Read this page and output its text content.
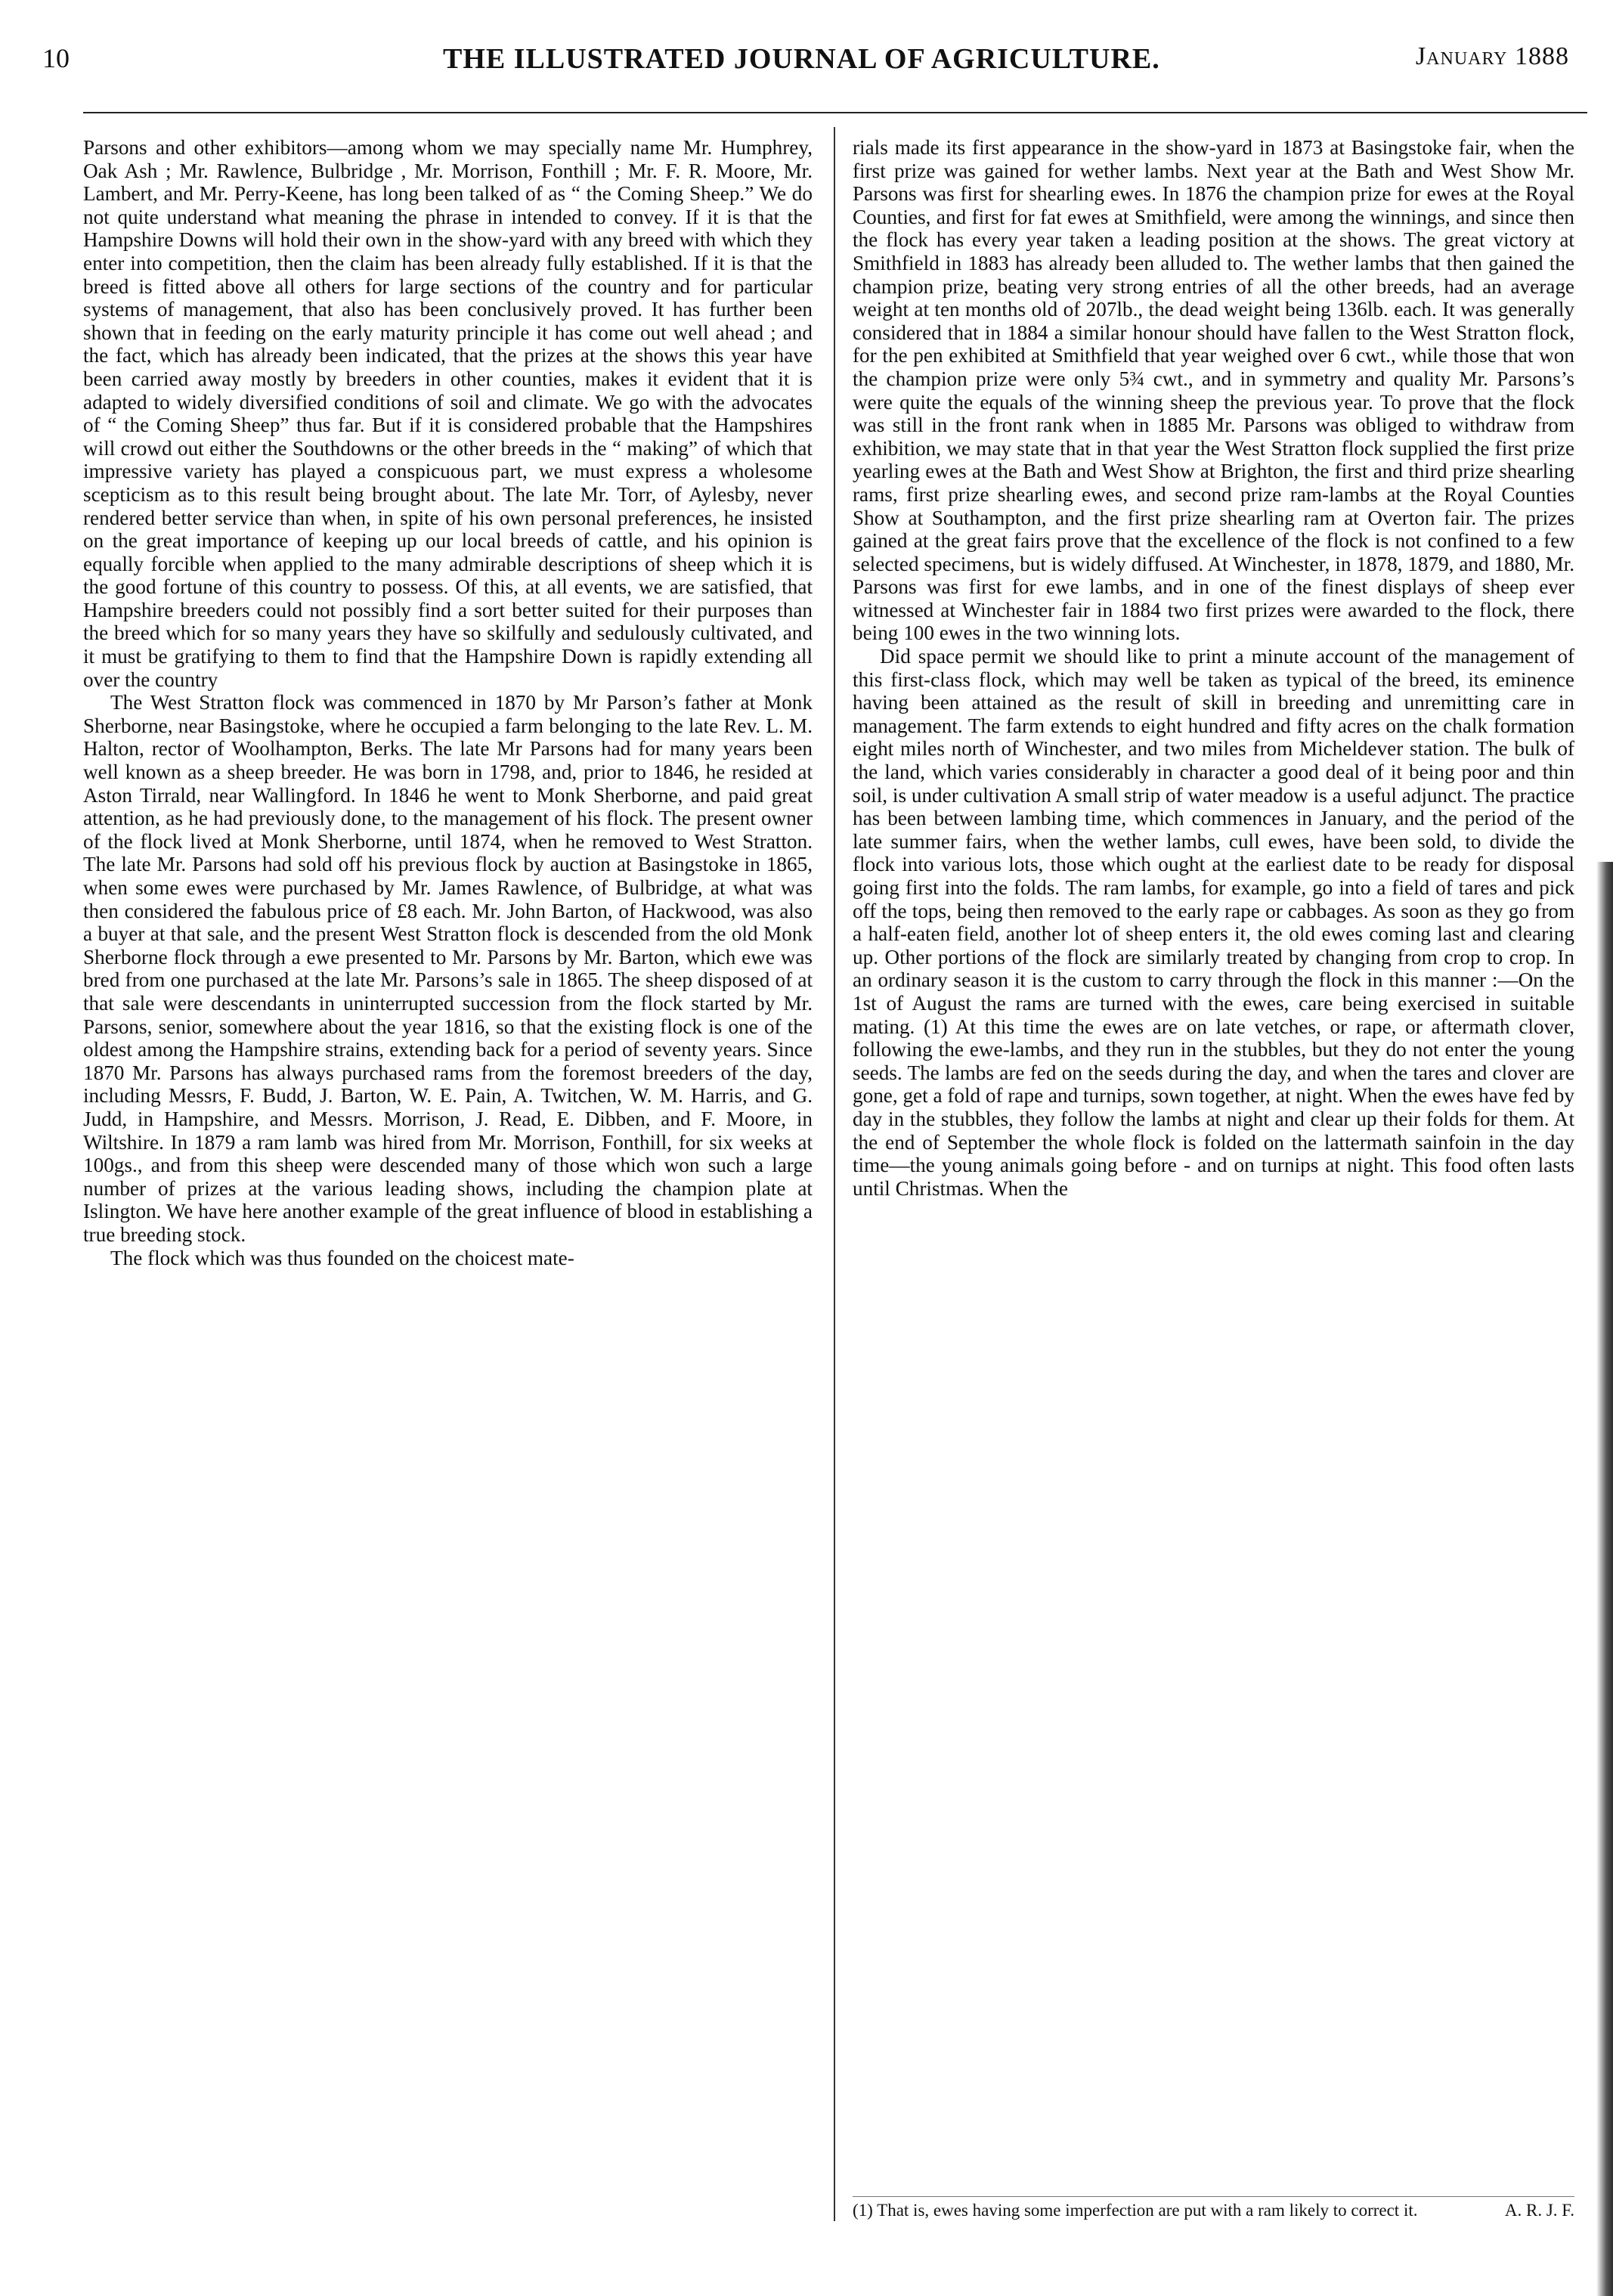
10	THE ILLUSTRATED JOURNAL OF AGRICULTURE.	January 1888

Parsons and other exhibitors—among whom we may specially name Mr. Humphrey, Oak Ash ; Mr. Rawlence, Bulbridge , Mr. Morrison, Fonthill ; Mr. F. R. Moore, Mr. Lambert, and Mr. Perry-Keene, has long been talked of as “ the Coming Sheep.” We do not quite understand what meaning the phrase in intended to convey. If it is that the Hampshire Downs will hold their own in the show-yard with any breed with which they enter into competition, then the claim has been already fully established. If it is that the breed is fitted above all others for large sections of the country and for particular systems of management, that also has been conclusively proved. It has further been shown that in feeding on the early maturity principle it has come out well ahead ; and the fact, which has already been indicated, that the prizes at the shows this year have been carried away mostly by breeders in other counties, makes it evident that it is adapted to widely diversified conditions of soil and climate. We go with the advocates of “ the Coming Sheep” thus far. But if it is considered probable that the Hampshires will crowd out either the Southdowns or the other breeds in the “ making” of which that impressive variety has played a conspicuous part, we must express a wholesome scepticism as to this result being brought about. The late Mr. Torr, of Aylesby, never rendered better service than when, in spite of his own personal preferences, he insisted on the great importance of keeping up our local breeds of cattle, and his opinion is equally forcible when applied to the many admirable descriptions of sheep which it is the good fortune of this country to possess. Of this, at all events, we are satisfied, that Hampshire breeders could not possibly find a sort better suited for their purposes than the breed which for so many years they have so skilfully and sedulously cultivated, and it must be gratifying to them to find that the Hampshire Down is rapidly extending all over the country

The West Stratton flock was commenced in 1870 by Mr Parson’s father at Monk Sherborne, near Basingstoke, where he occupied a farm belonging to the late Rev. L. M. Halton, rector of Woolhampton, Berks. The late Mr Parsons had for many years been well known as a sheep breeder. He was born in 1798, and, prior to 1846, he resided at Aston Tirrald, near Wallingford. In 1846 he went to Monk Sherborne, and paid great attention, as he had previously done, to the management of his flock. The present owner of the flock lived at Monk Sherborne, until 1874, when he removed to West Stratton. The late Mr. Parsons had sold off his previous flock by auction at Basingstoke in 1865, when some ewes were purchased by Mr. James Rawlence, of Bulbridge, at what was then considered the fabulous price of £8 each. Mr. John Barton, of Hackwood, was also a buyer at that sale, and the present West Stratton flock is descended from the old Monk Sherborne flock through a ewe presented to Mr. Parsons by Mr. Barton, which ewe was bred from one purchased at the late Mr. Parsons’s sale in 1865. The sheep disposed of at that sale were descendants in uninterrupted succession from the flock started by Mr. Parsons, senior, somewhere about the year 1816, so that the existing flock is one of the oldest among the Hampshire strains, extending back for a period of seventy years. Since 1870 Mr. Parsons has always purchased rams from the foremost breeders of the day, including Messrs, F. Budd, J. Barton, W. E. Pain, A. Twitchen, W. M. Harris, and G. Judd, in Hampshire, and Messrs. Morrison, J. Read, E. Dibben, and F. Moore, in Wiltshire. In 1879 a ram lamb was hired from Mr. Morrison, Fonthill, for six weeks at 100gs., and from this sheep were descended many of those which won such a large number of prizes at the various leading shows, including the champion plate at Islington. We have here another example of the great influence of blood in establishing a true breeding stock.

The flock which was thus founded on the choicest mate-

rials made its first appearance in the show-yard in 1873 at Basingstoke fair, when the first prize was gained for wether lambs. Next year at the Bath and West Show Mr. Parsons was first for shearling ewes. In 1876 the champion prize for ewes at the Royal Counties, and first for fat ewes at Smithfield, were among the winnings, and since then the flock has every year taken a leading position at the shows. The great victory at Smithfield in 1883 has already been alluded to. The wether lambs that then gained the champion prize, beating very strong entries of all the other breeds, had an average weight at ten months old of 207lb., the dead weight being 136lb. each. It was generally considered that in 1884 a similar honour should have fallen to the West Stratton flock, for the pen exhibited at Smithfield that year weighed over 6 cwt., while those that won the champion prize were only 5¾ cwt., and in symmetry and quality Mr. Parsons’s were quite the equals of the winning sheep the previous year. To prove that the flock was still in the front rank when in 1885 Mr. Parsons was obliged to withdraw from exhibition, we may state that in that year the West Stratton flock supplied the first prize yearling ewes at the Bath and West Show at Brighton, the first and third prize shearling rams, first prize shearling ewes, and second prize ram-lambs at the Royal Counties Show at Southampton, and the first prize shearling ram at Overton fair. The prizes gained at the great fairs prove that the excellence of the flock is not confined to a few selected specimens, but is widely diffused. At Winchester, in 1878, 1879, and 1880, Mr. Parsons was first for ewe lambs, and in one of the finest displays of sheep ever witnessed at Winchester fair in 1884 two first prizes were awarded to the flock, there being 100 ewes in the two winning lots.

Did space permit we should like to print a minute account of the management of this first-class flock, which may well be taken as typical of the breed, its eminence having been attained as the result of skill in breeding and unremitting care in management. The farm extends to eight hundred and fifty acres on the chalk formation eight miles north of Winchester, and two miles from Micheldever station. The bulk of the land, which varies considerably in character a good deal of it being poor and thin soil, is under cultivation A small strip of water meadow is a useful adjunct. The practice has been between lambing time, which commences in January, and the period of the late summer fairs, when the wether lambs, cull ewes, have been sold, to divide the flock into various lots, those which ought at the earliest date to be ready for disposal going first into the folds. The ram lambs, for example, go into a field of tares and pick off the tops, being then removed to the early rape or cabbages. As soon as they go from a half-eaten field, another lot of sheep enters it, the old ewes coming last and clearing up. Other portions of the flock are similarly treated by changing from crop to crop. In an ordinary season it is the custom to carry through the flock in this manner :—On the 1st of August the rams are turned with the ewes, care being exercised in suitable mating. (1) At this time the ewes are on late vetches, or rape, or aftermath clover, following the ewe-lambs, and they run in the stubbles, but they do not enter the young seeds. The lambs are fed on the seeds during the day, and when the tares and clover are gone, get a fold of rape and turnips, sown together, at night. When the ewes have fed by day in the stubbles, they follow the lambs at night and clear up their folds for them. At the end of September the whole flock is folded on the lattermath sainfoin in the day time—the young animals going before - and on turnips at night. This food often lasts until Christmas. When the

(1) That is, ewes having some imperfection are put with a ram likely to correct it.	A. R. J. F.
